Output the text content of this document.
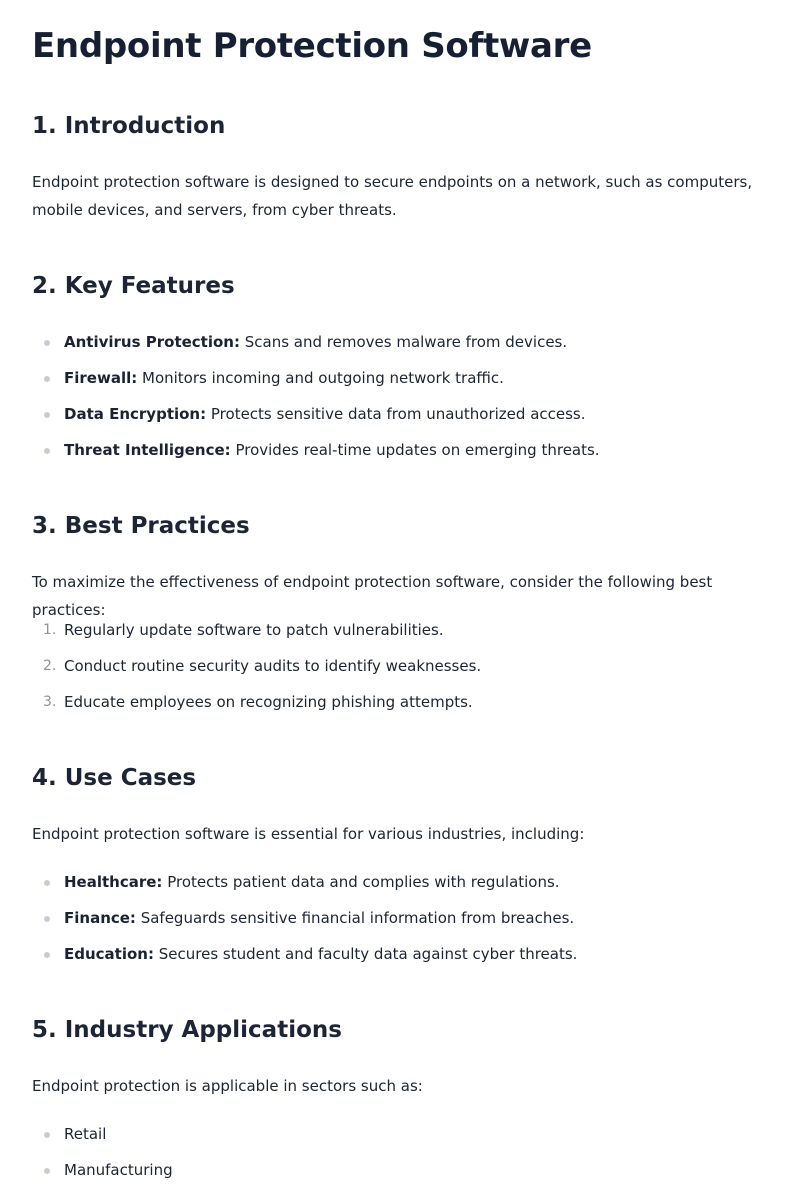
Endpoint Protection Software
1. Introduction

Endpoint protection software is designed to secure endpoints on a network, such as computers, mobile devices, and servers, from cyber threats.

2. Key Features
Antivirus Protection: Scans and removes malware from devices.
Firewall: Monitors incoming and outgoing network traffic.
Data Encryption: Protects sensitive data from unauthorized access.
Threat Intelligence: Provides real-time updates on emerging threats.
3. Best Practices

To maximize the effectiveness of endpoint protection software, consider the following best practices:

1. Regularly update software to patch vulnerabilities.
2. Conduct routine security audits to identify weaknesses.
3. Educate employees on recognizing phishing attempts.
4. Use Cases

Endpoint protection software is essential for various industries, including:

Healthcare: Protects patient data and complies with regulations.
Finance: Safeguards sensitive financial information from breaches.
Education: Secures student and faculty data against cyber threats.
5. Industry Applications

Endpoint protection is applicable in sectors such as:

Retail
Manufacturing
